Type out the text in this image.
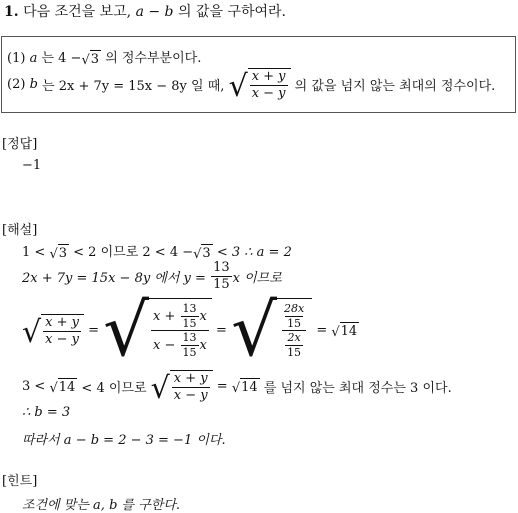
1. 다음 조건을 보고, a − b 의 값을 구하여라.
(1) a 는 4 − √ 3 의 정수부분이다.
(2)
b
는 2x + 7y = 15x − 8y 일 때,
√ $\frac{x + y}{x - y}$
의 값을 넘지 않는 최대의 정수이다.
[정답]
−1
[해설]
1 < √ 3 < 2 이므로 2 < 4 − √ 3 < 3 ∴ a = 2
2x + 7y = 15x − 8y 에서 y =
$\frac{13}{15}$ x 이므로
√ $\frac{x + y}{x - y}$
=
√ x +
$\frac{13}{15}$ x
x −
$\frac{13}{15}$ x
=
√ $\frac{\frac{28x}{15}}{\frac{2x}{15}}$
=
√ 14
3 <
√ 14
< 4 이므로
√ $\frac{x + y}{x - y}$
=
√ 14
를 넘지 않는 최대 정수는 3 이다.
∴ b = 3
따라서 a − b = 2 − 3 = −1 이다.
[힌트]
조건에 맞는 a, b 를 구한다.
